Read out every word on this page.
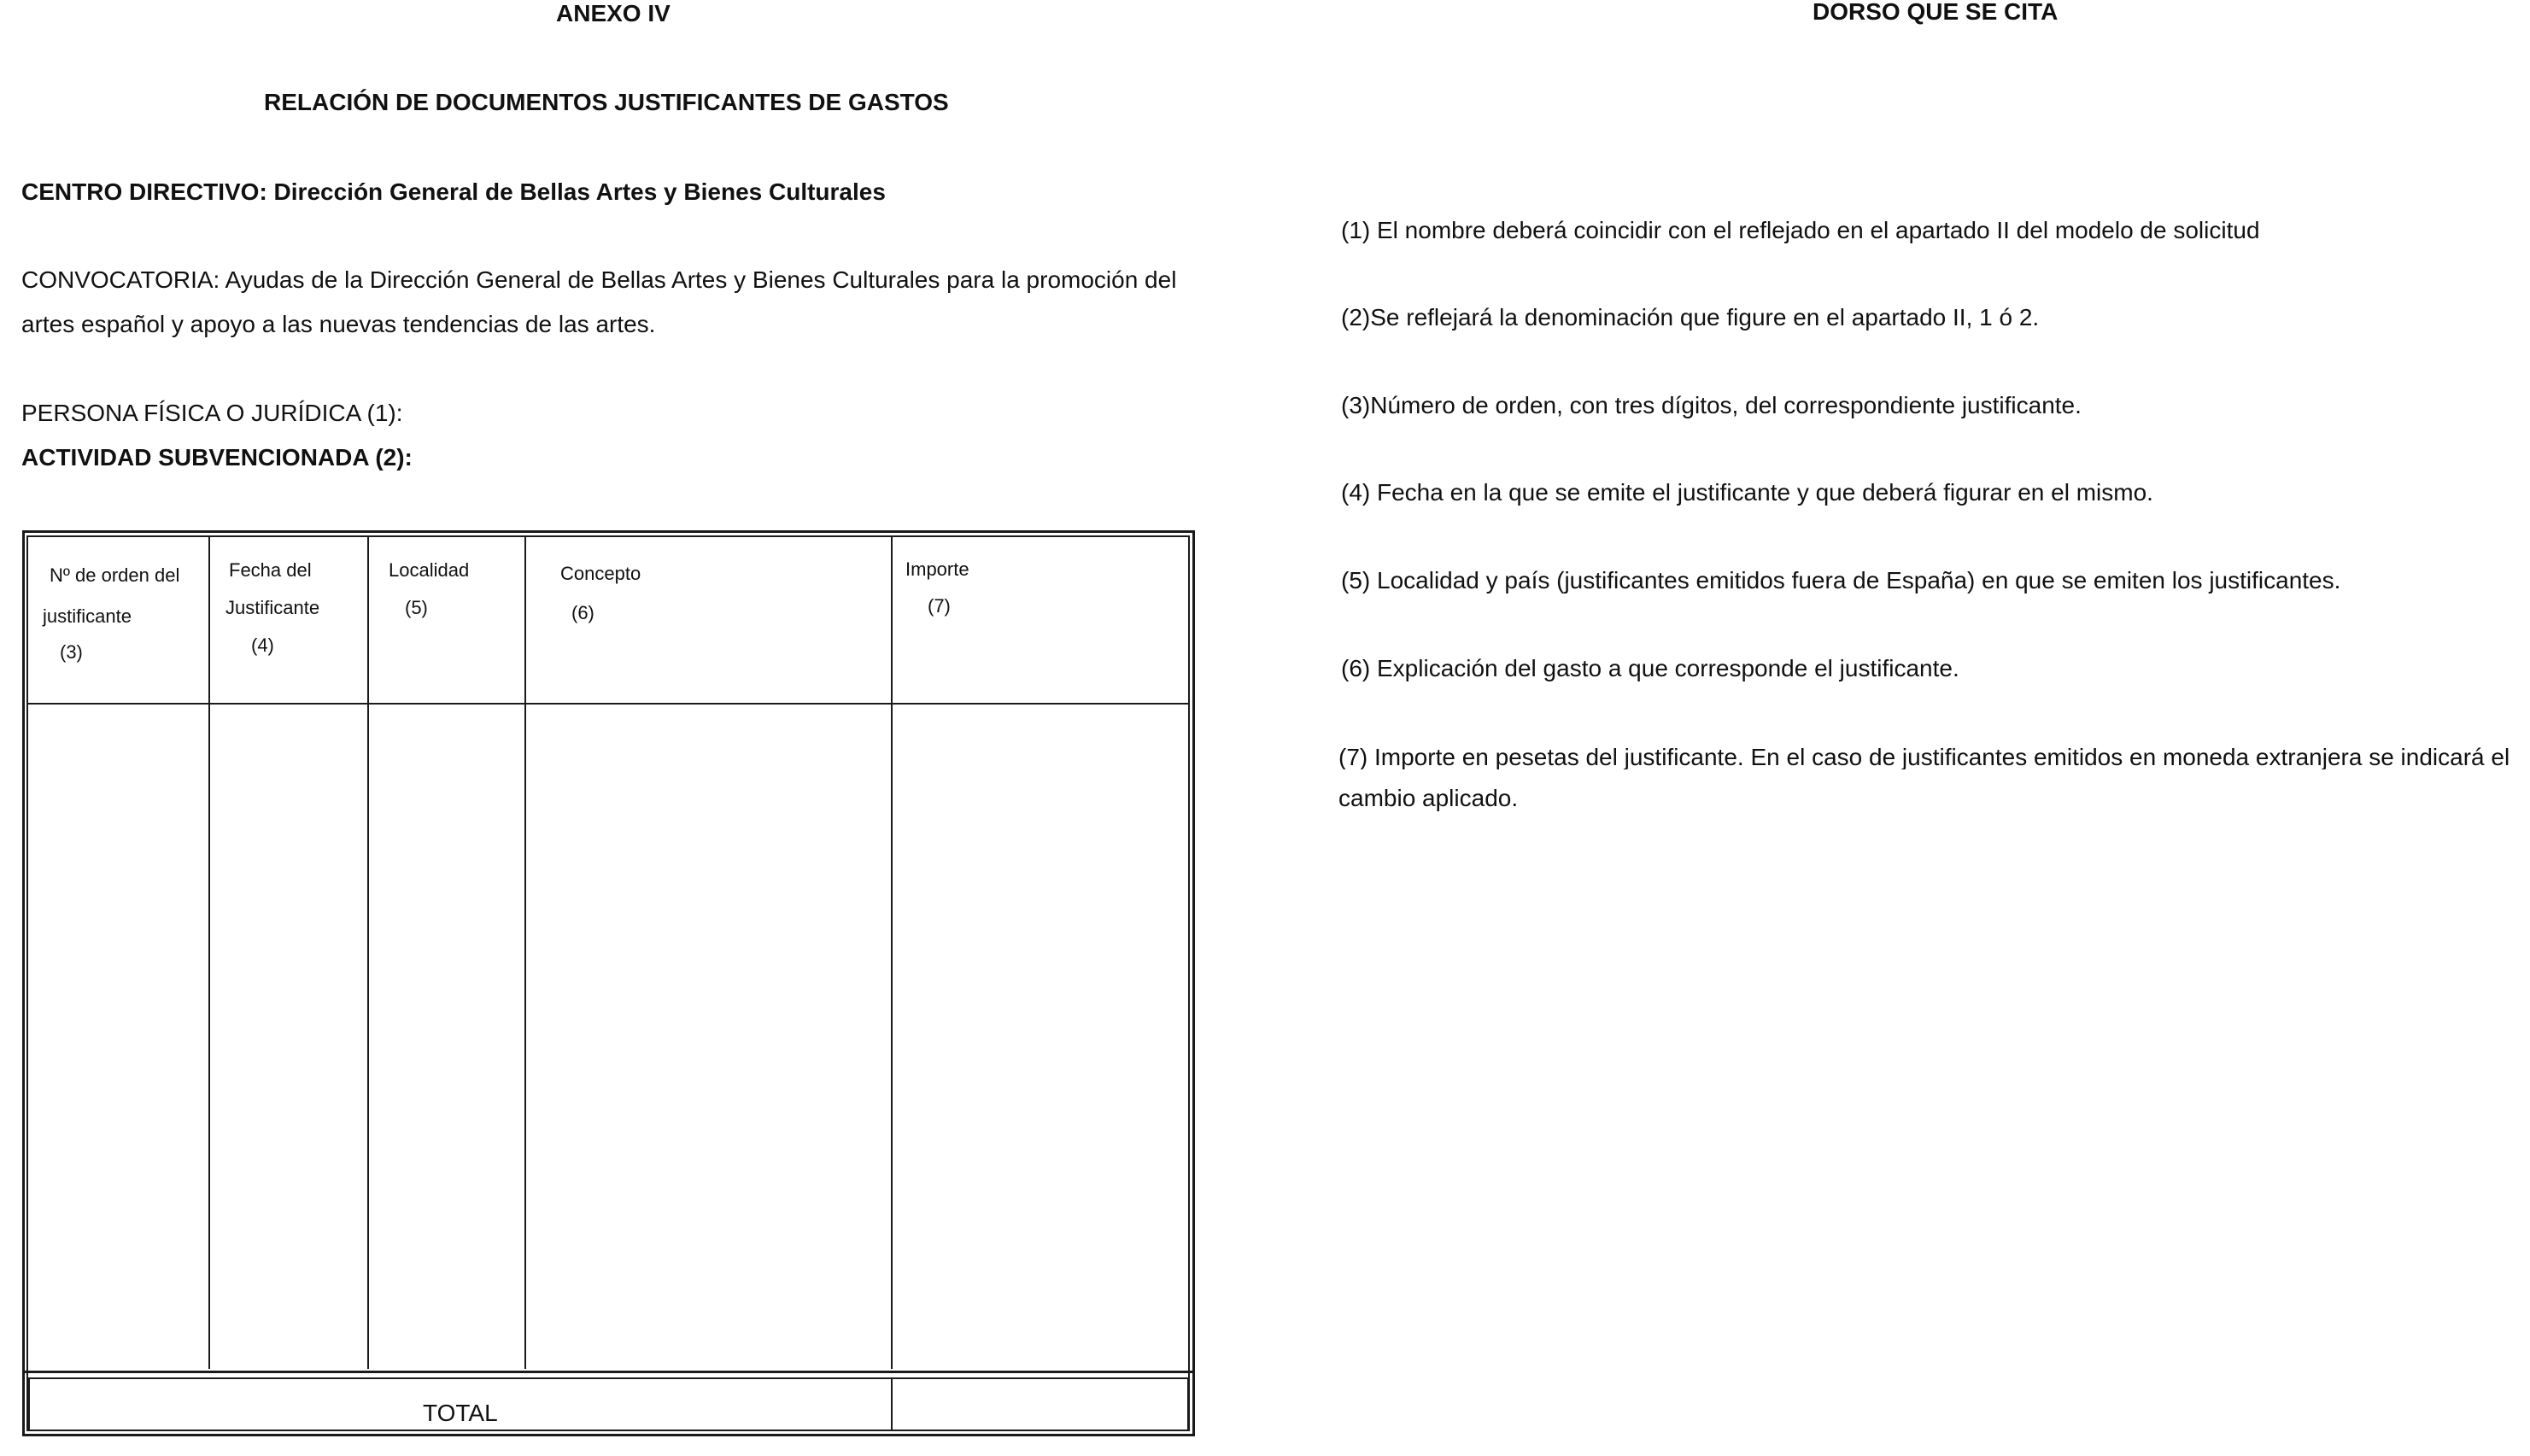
ANEXO IV
RELACIÓN DE DOCUMENTOS JUSTIFICANTES DE GASTOS
CENTRO DIRECTIVO: Dirección General de Bellas Artes y Bienes Culturales
CONVOCATORIA: Ayudas de la Dirección General de Bellas Artes y Bienes Culturales para la promoción del
artes español y apoyo a las nuevas tendencias de las artes.
PERSONA FÍSICA O JURÍDICA (1):
ACTIVIDAD SUBVENCIONADA (2):
Nº de orden del
justificante
(3)
Fecha del
Justificante
(4)
Localidad
(5)
Concepto
(6)
Importe
(7)
TOTAL
DORSO QUE SE CITA
(1) El nombre deberá coincidir con el reflejado en el apartado II del modelo de solicitud
(2)Se reflejará la denominación que figure en el apartado II, 1 ó 2.
(3)Número de orden, con tres dígitos, del correspondiente justificante.
(4) Fecha en la que se emite el justificante y que deberá figurar en el mismo.
(5) Localidad y país (justificantes emitidos fuera de España) en que se emiten los justificantes.
(6) Explicación del gasto a que corresponde el justificante.
(7) Importe en pesetas del justificante. En el caso de justificantes emitidos en moneda extranjera se indicará el
cambio aplicado.
